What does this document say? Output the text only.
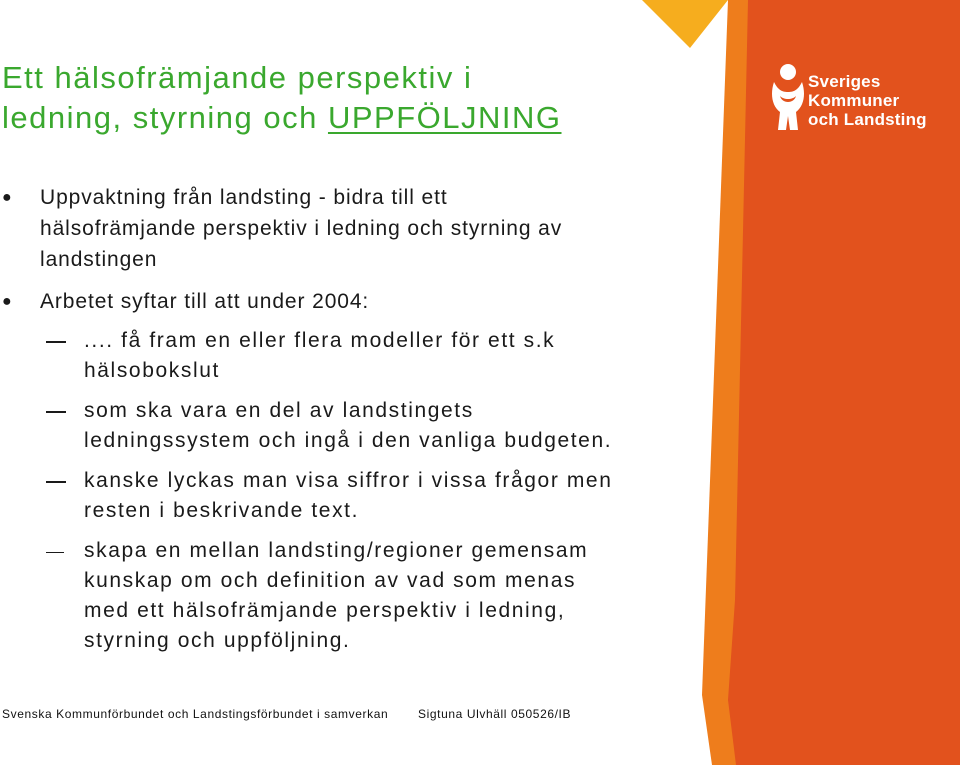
Ett hälsofrämjande perspektiv i
ledning, styrning och UPPFÖLJNING
● Uppvaktning från landsting - bidra till ett
hälsofrämjande perspektiv i ledning och styrning av
landstingen
● Arbetet syftar till att under 2004:
.... få fram en eller flera modeller för ett s.k
hälsobokslut
som ska vara en del av landstingets
ledningssystem och ingå i den vanliga budgeten.
kanske lyckas man visa siffror i vissa frågor men
resten i beskrivande text.
skapa en mellan landsting/regioner gemensam
kunskap om och definition av vad som menas
med ett hälsofrämjande perspektiv i ledning,
styrning och uppföljning.
Sveriges
Kommuner
och Landsting
Svenska Kommunförbundet och Landstingsförbundet i samverkan Sigtuna Ulvhäll 050526/IB
